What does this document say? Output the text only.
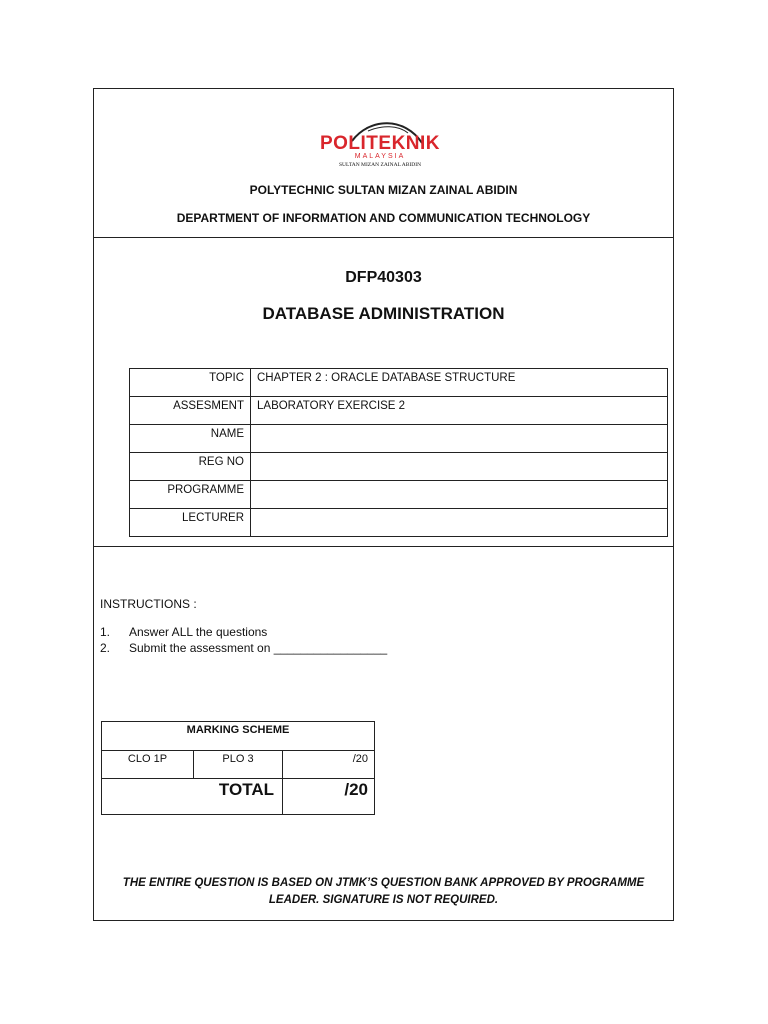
POLITEKNIK
MALAYSIA
SULTAN MIZAN ZAINAL ABIDIN
POLYTECHNIC SULTAN MIZAN ZAINAL ABIDIN
DEPARTMENT OF INFORMATION AND COMMUNICATION TECHNOLOGY
DFP40303
DATABASE ADMINISTRATION
TOPIC	CHAPTER 2 : ORACLE DATABASE STRUCTURE
ASSESMENT	LABORATORY EXERCISE 2
NAME	
REG NO	
PROGRAMME	
LECTURER	
INSTRUCTIONS :
1. Answer ALL the questions
2. Submit the assessment on _________________
MARKING SCHEME		
CLO 1P	PLO 3	/20
TOTAL		/20
THE ENTIRE QUESTION IS BASED ON JTMK’S QUESTION BANK APPROVED BY PROGRAMME
LEADER. SIGNATURE IS NOT REQUIRED.
